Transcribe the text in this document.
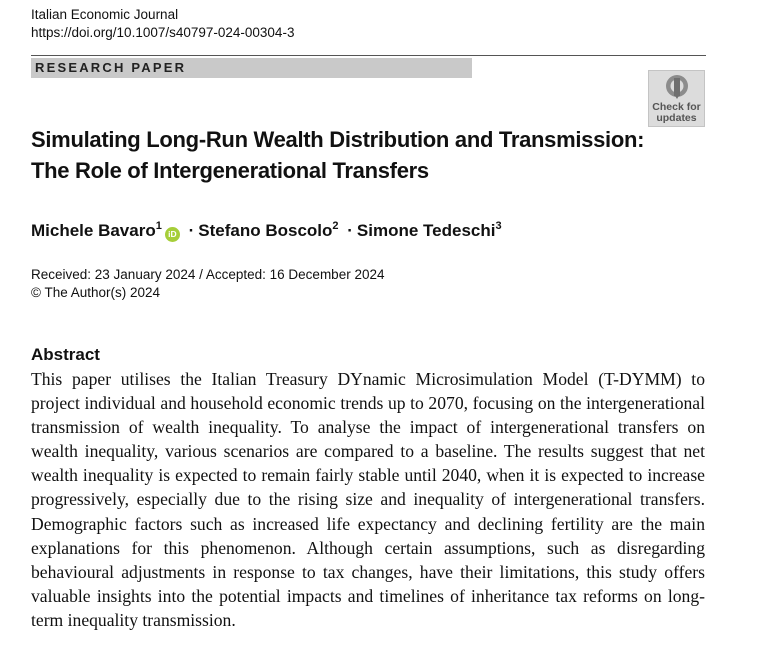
Italian Economic Journal
https://doi.org/10.1007/s40797-024-00304-3
RESEARCH PAPER
Check for
updates
Simulating Long-Run Wealth Distribution and Transmission: The Role of Intergenerational Transfers
Michele Bavaro$^1$iD · Stefano Boscolo$^2$ · Simone Tedeschi$^3$
Received: 23 January 2024 / Accepted: 16 December 2024
© The Author(s) 2024
Abstract
This paper utilises the Italian Treasury DYnamic Microsimulation Model (T-DYMM) to project individual and household economic trends up to 2070, focusing on the intergenerational transmission of wealth inequality. To analyse the impact of intergenerational transfers on wealth inequality, various scenarios are compared to a baseline. The results suggest that net wealth inequality is expected to remain fairly stable until 2040, when it is expected to increase progressively, especially due to the rising size and inequality of intergenerational transfers. Demographic factors such as increased life expectancy and declining fertility are the main explanations for this phenomenon. Although certain assumptions, such as disregarding behavioural adjustments in response to tax changes, have their limitations, this study offers valuable insights into the potential impacts and timelines of inheritance tax reforms on long-term inequality transmission.
